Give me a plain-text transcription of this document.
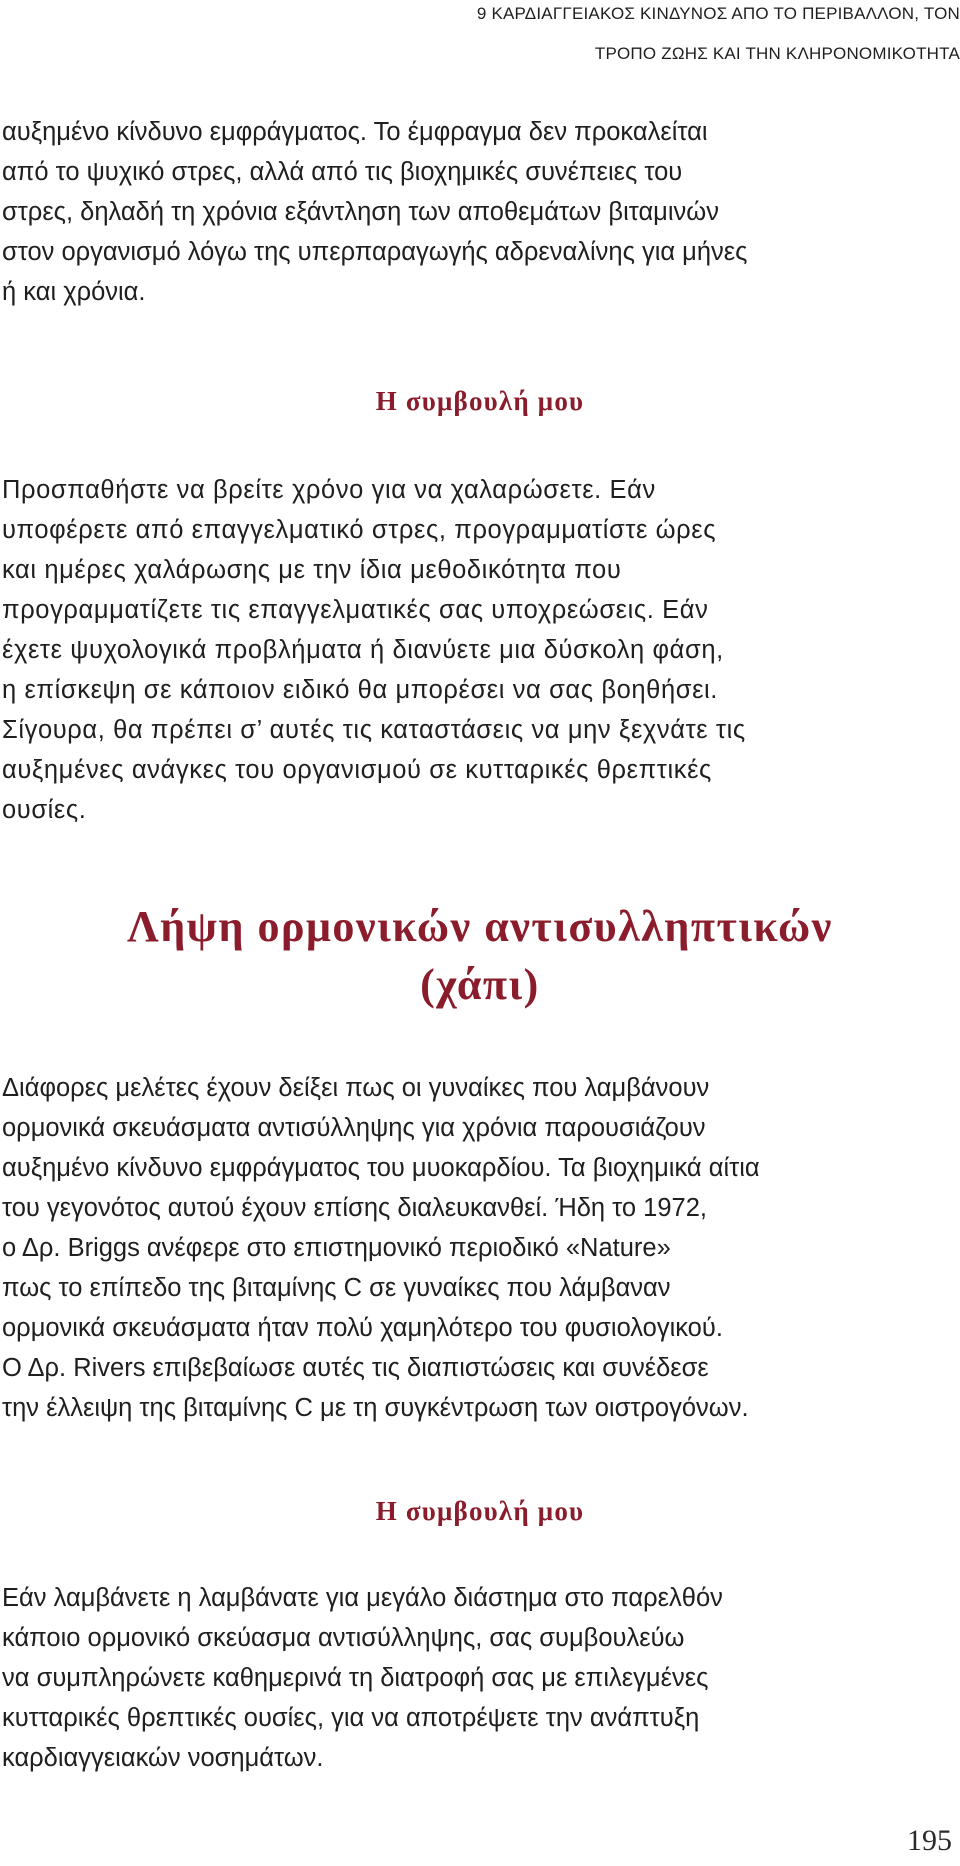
9 ΚΑΡΔΙΑΓΓΕΙΑΚΟΣ ΚΙΝΔΥΝΟΣ ΑΠΟ ΤΟ ΠΕΡΙΒΑΛΛΟΝ, ΤΟΝ
ΤΡΟΠΟ ΖΩΗΣ ΚΑΙ ΤΗΝ ΚΛΗΡΟΝΟΜΙΚΟΤΗΤΑ

αυξημένο κίνδυνο εμφράγματος. Το έμφραγμα δεν προκαλείται
από το ψυχικό στρες, αλλά από τις βιοχημικές συνέπειες του
στρες, δηλαδή τη χρόνια εξάντληση των αποθεμάτων βιταμινών
στον οργανισμό λόγω της υπερπαραγωγής αδρεναλίνης για μήνες
ή και χρόνια.

Η συμβουλή μου

Προσπαθήστε να βρείτε χρόνο για να χαλαρώσετε. Εάν
υποφέρετε από επαγγελματικό στρες, προγραμματίστε ώρες
και ημέρες χαλάρωσης με την ίδια μεθοδικότητα που
προγραμματίζετε τις επαγγελματικές σας υποχρεώσεις. Εάν
έχετε ψυχολογικά προβλήματα ή διανύετε μια δύσκολη φάση,
η επίσκεψη σε κάποιον ειδικό θα μπορέσει να σας βοηθήσει.
Σίγουρα, θα πρέπει σ’ αυτές τις καταστάσεις να μην ξεχνάτε τις
αυξημένες ανάγκες του οργανισμού σε κυτταρικές θρεπτικές
ουσίες.

Λήψη ορμονικών αντισυλληπτικών
(χάπι)

Διάφορες μελέτες έχουν δείξει πως οι γυναίκες που λαμβάνουν
ορμονικά σκευάσματα αντισύλληψης για χρόνια παρουσιάζουν
αυξημένο κίνδυνο εμφράγματος του μυοκαρδίου. Τα βιοχημικά αίτια
του γεγονότος αυτού έχουν επίσης διαλευκανθεί. Ήδη το 1972,
ο Δρ. Briggs ανέφερε στο επιστημονικό περιοδικό «Nature»
πως το επίπεδο της βιταμίνης C σε γυναίκες που λάμβαναν
ορμονικά σκευάσματα ήταν πολύ χαμηλότερο του φυσιολογικού.
Ο Δρ. Rivers επιβεβαίωσε αυτές τις διαπιστώσεις και συνέδεσε
την έλλειψη της βιταμίνης C με τη συγκέντρωση των οιστρογόνων.

Η συμβουλή μου

Εάν λαμβάνετε η λαμβάνατε για μεγάλο διάστημα στο παρελθόν
κάποιο ορμονικό σκεύασμα αντισύλληψης, σας συμβουλεύω
να συμπληρώνετε καθημερινά τη διατροφή σας με επιλεγμένες
κυτταρικές θρεπτικές ουσίες, για να αποτρέψετε την ανάπτυξη
καρδιαγγειακών νοσημάτων.

195
